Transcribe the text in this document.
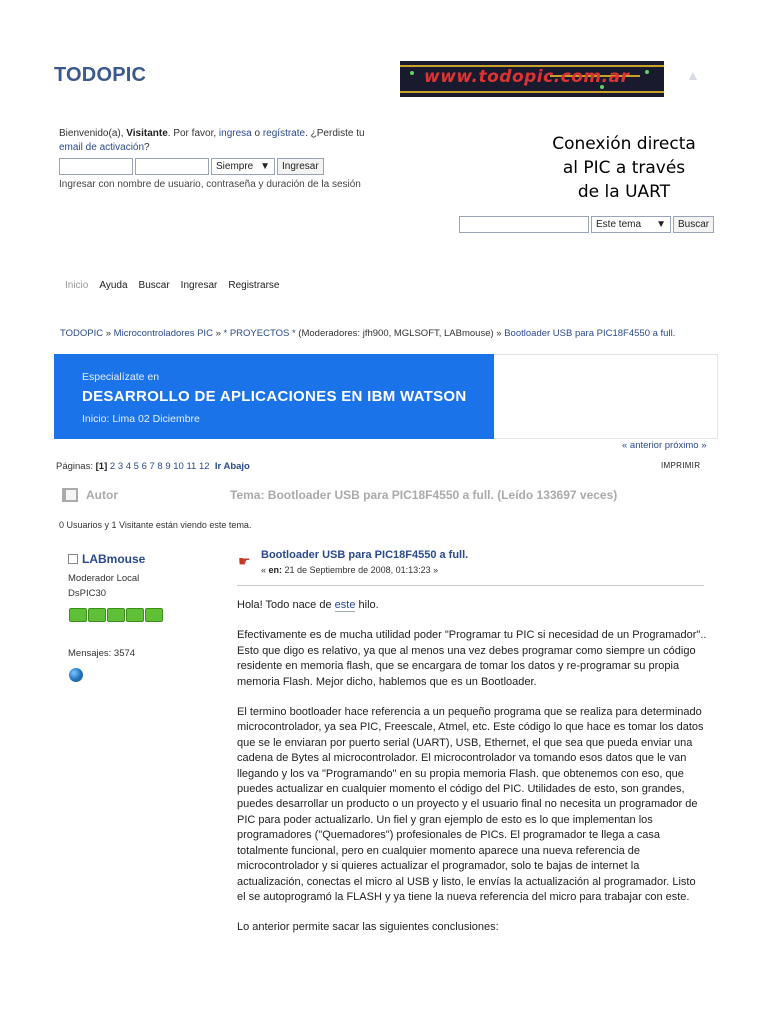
TODOPIC	www.todopic.com.ar	▲
Bienvenido(a), Visitante. Por favor, ingresa o regístrate. ¿Perdiste tu email de activación?
Siempre ▼	Ingresar
Ingresar con nombre de usuario, contraseña y duración de la sesión
Conexión directa
al PIC a través
de la UART
Este tema ▼	Buscar
Inicio Ayuda Buscar Ingresar Registrarse
TODOPIC » Microcontroladores PIC » * PROYECTOS * (Moderadores: jfh900, MGLSOFT, LABmouse) » Bootloader USB para PIC18F4550 a full.
Especialízate en
DESARROLLO DE APLICACIONES EN IBM WATSON
Inicio: Lima 02 Diciembre
« anterior próximo »
Páginas: [1] 2 3 4 5 6 7 8 9 10 11 12 Ir Abajo	IMPRIMIR
Autor	Tema: Bootloader USB para PIC18F4550 a full. (Leído 133697 veces)
0 Usuarios y 1 Visitante están viendo este tema.
LABmouse
Moderador Local
DsPIC30
Mensajes: 3574
☛ Bootloader USB para PIC18F4550 a full.
« en: 21 de Septiembre de 2008, 01:13:23 »

Hola! Todo nace de este hilo.

Efectivamente es de mucha utilidad poder "Programar tu PIC si necesidad de un Programador".. Esto que digo es relativo, ya que al menos una vez debes programar como siempre un código residente en memoria flash, que se encargara de tomar los datos y re-programar su propia memoria Flash. Mejor dicho, hablemos que es un Bootloader.

El termino bootloader hace referencia a un pequeño programa que se realiza para determinado microcontrolador, ya sea PIC, Freescale, Atmel, etc. Este código lo que hace es tomar los datos que se le enviaran por puerto serial (UART), USB, Ethernet, el que sea que pueda enviar una cadena de Bytes al microcontrolador. El microcontrolador va tomando esos datos que le van llegando y los va "Programando" en su propia memoria Flash. que obtenemos con eso, que puedes actualizar en cualquier momento el código del PIC. Utilidades de esto, son grandes, puedes desarrollar un producto o un proyecto y el usuario final no necesita un programador de PIC para poder actualizarlo. Un fiel y gran ejemplo de esto es lo que implementan los programadores ("Quemadores") profesionales de PICs. El programador te llega a casa totalmente funcional, pero en cualquier momento aparece una nueva referencia de microcontrolador y si quieres actualizar el programador, solo te bajas de internet la actualización, conectas el micro al USB y listo, le envías la actualización al programador. Listo el se autoprogramó la FLASH y ya tiene la nueva referencia del micro para trabajar con este.

Lo anterior permite sacar las siguientes conclusiones:
